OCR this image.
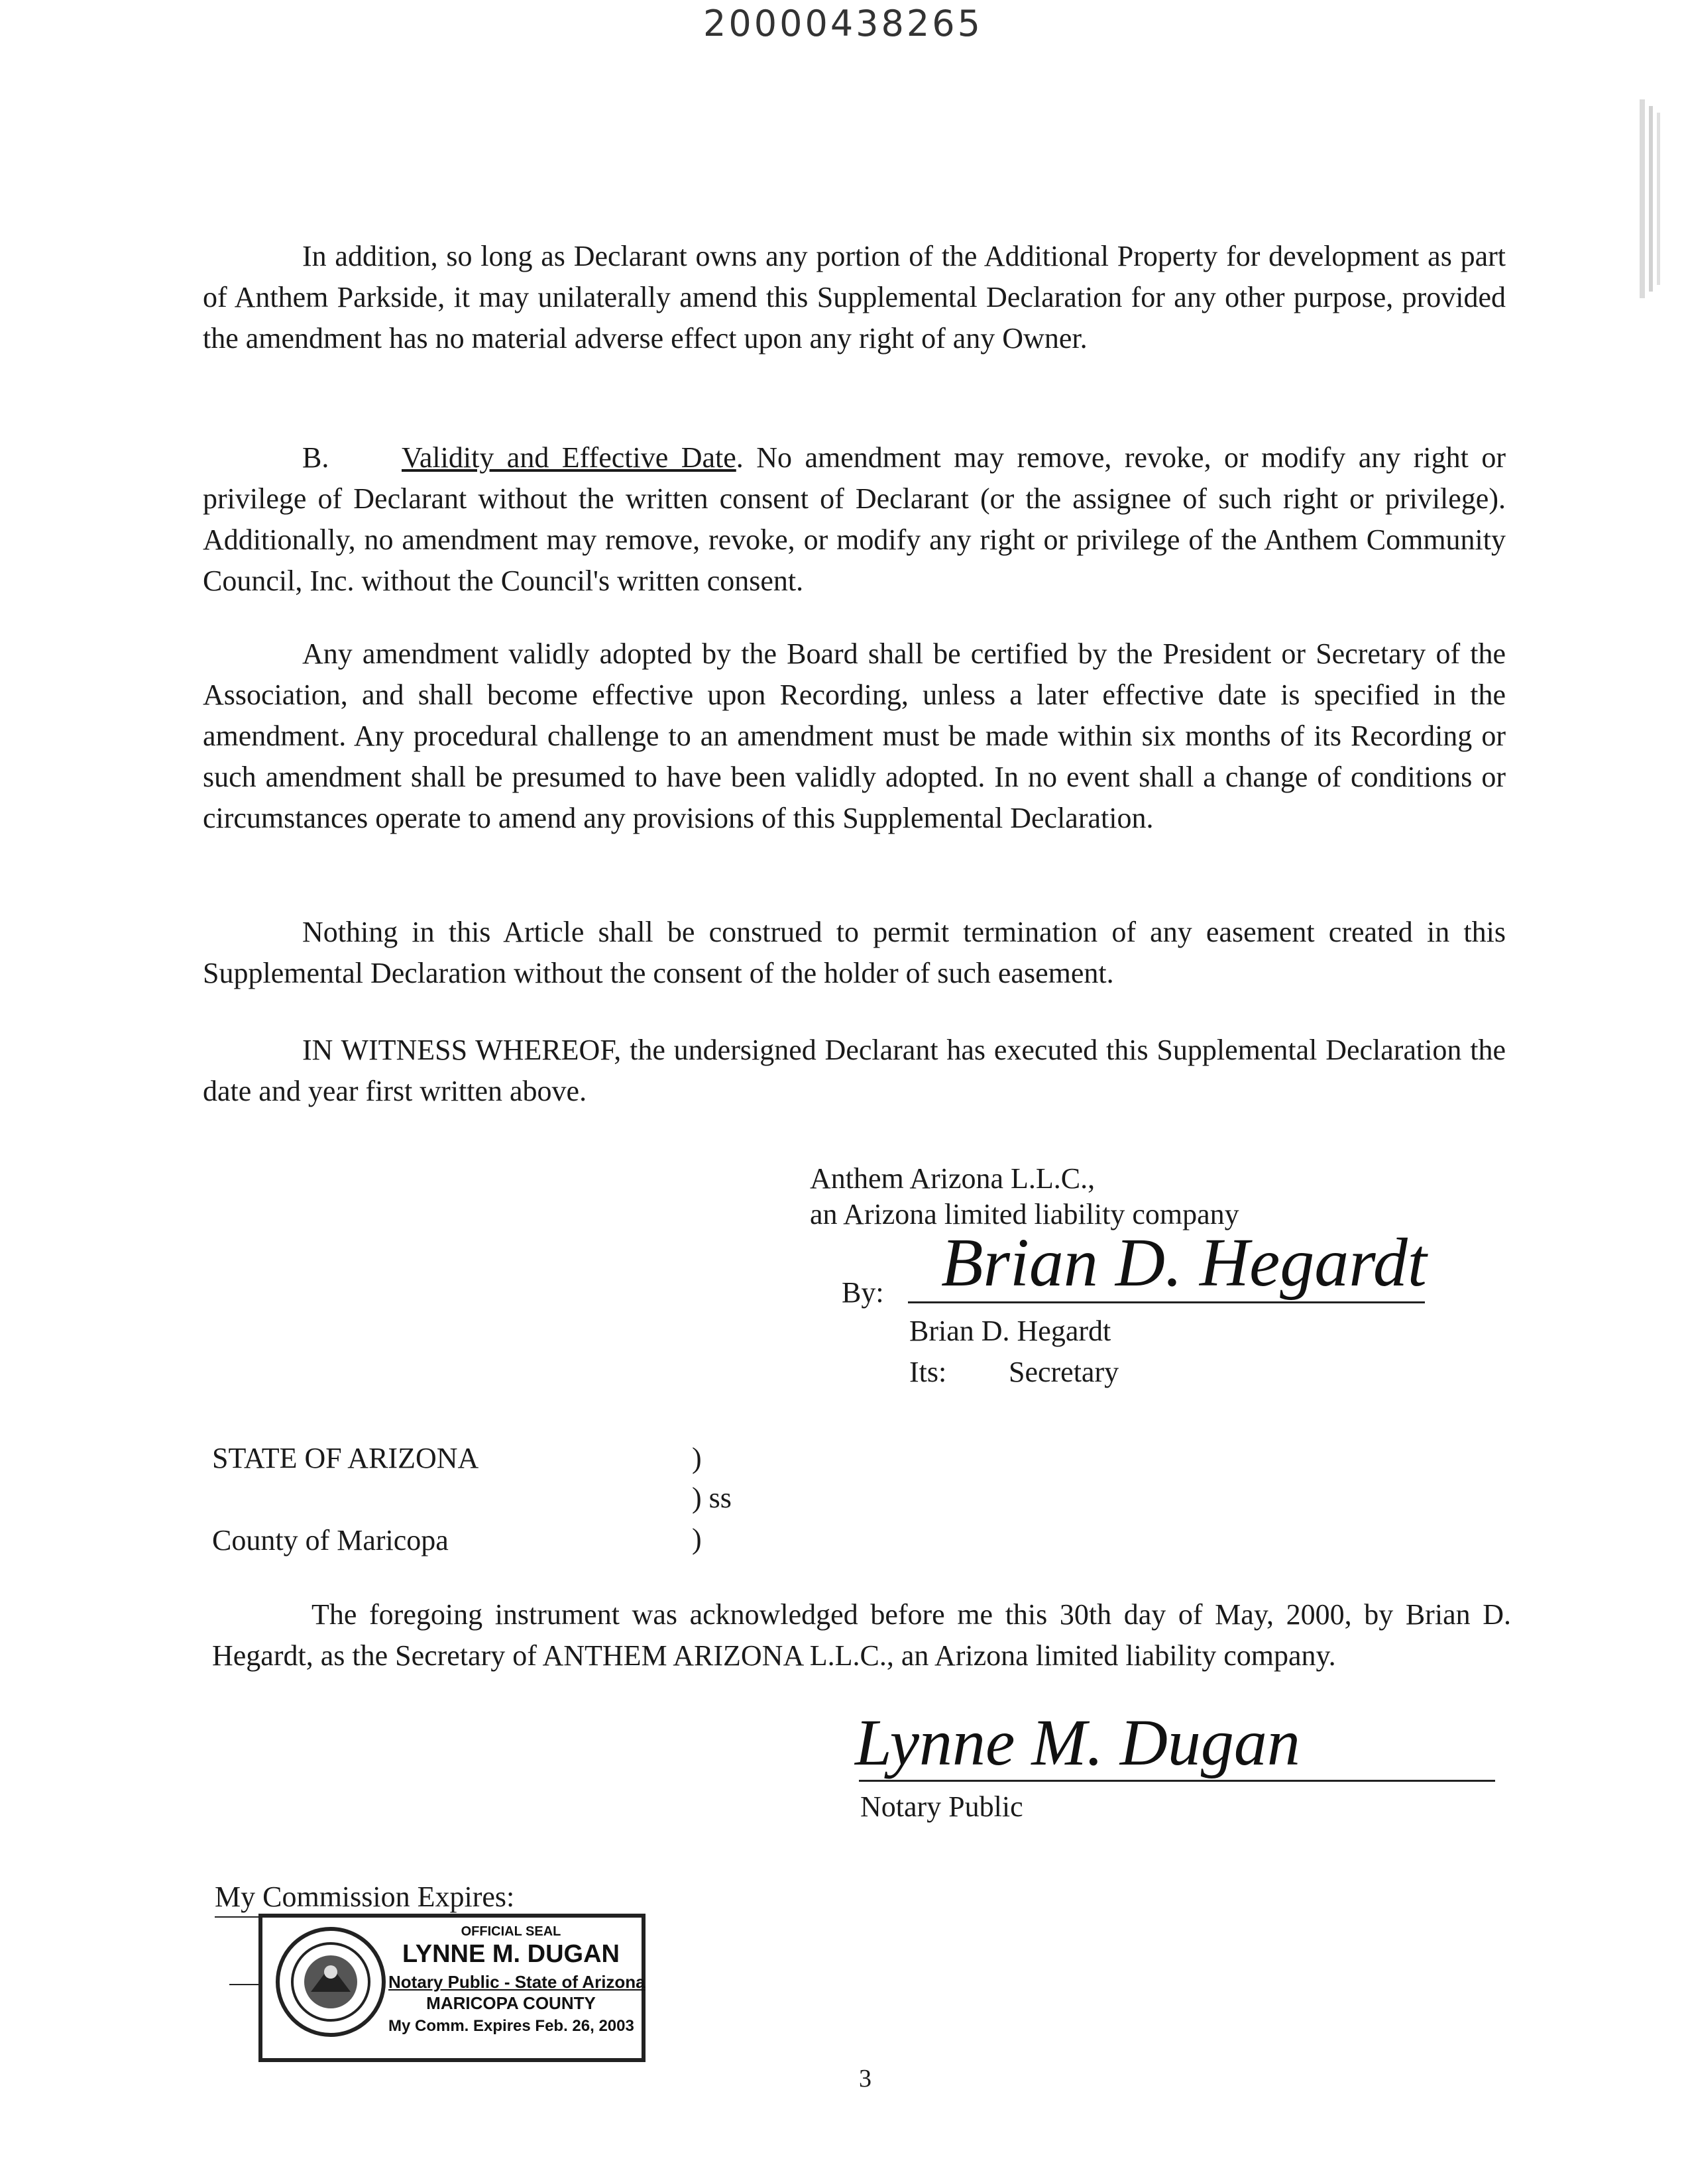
20000438265
In addition, so long as Declarant owns any portion of the Additional Property for development as part of Anthem Parkside, it may unilaterally amend this Supplemental Declaration for any other purpose, provided the amendment has no material adverse effect upon any right of any Owner.
B. Validity and Effective Date. No amendment may remove, revoke, or modify any right or privilege of Declarant without the written consent of Declarant (or the assignee of such right or privilege). Additionally, no amendment may remove, revoke, or modify any right or privilege of the Anthem Community Council, Inc. without the Council's written consent.
Any amendment validly adopted by the Board shall be certified by the President or Secretary of the Association, and shall become effective upon Recording, unless a later effective date is specified in the amendment. Any procedural challenge to an amendment must be made within six months of its Recording or such amendment shall be presumed to have been validly adopted. In no event shall a change of conditions or circumstances operate to amend any provisions of this Supplemental Declaration.
Nothing in this Article shall be construed to permit termination of any easement created in this Supplemental Declaration without the consent of the holder of such easement.
IN WITNESS WHEREOF, the undersigned Declarant has executed this Supplemental Declaration the date and year first written above.
Anthem Arizona L.L.C.,
an Arizona limited liability company
By: Brian D. Hegardt
Brian D. Hegardt
Its: Secretary
STATE OF ARIZONA
County of Maricopa
)
) ss
)
The foregoing instrument was acknowledged before me this 30th day of May, 2000, by Brian D. Hegardt, as the Secretary of ANTHEM ARIZONA L.L.C., an Arizona limited liability company.
Lynne M. Dugan
Notary Public
My Commission Expires:
OFFICIAL SEAL
LYNNE M. DUGAN
Notary Public - State of Arizona
MARICOPA COUNTY
My Comm. Expires Feb. 26, 2003
3
